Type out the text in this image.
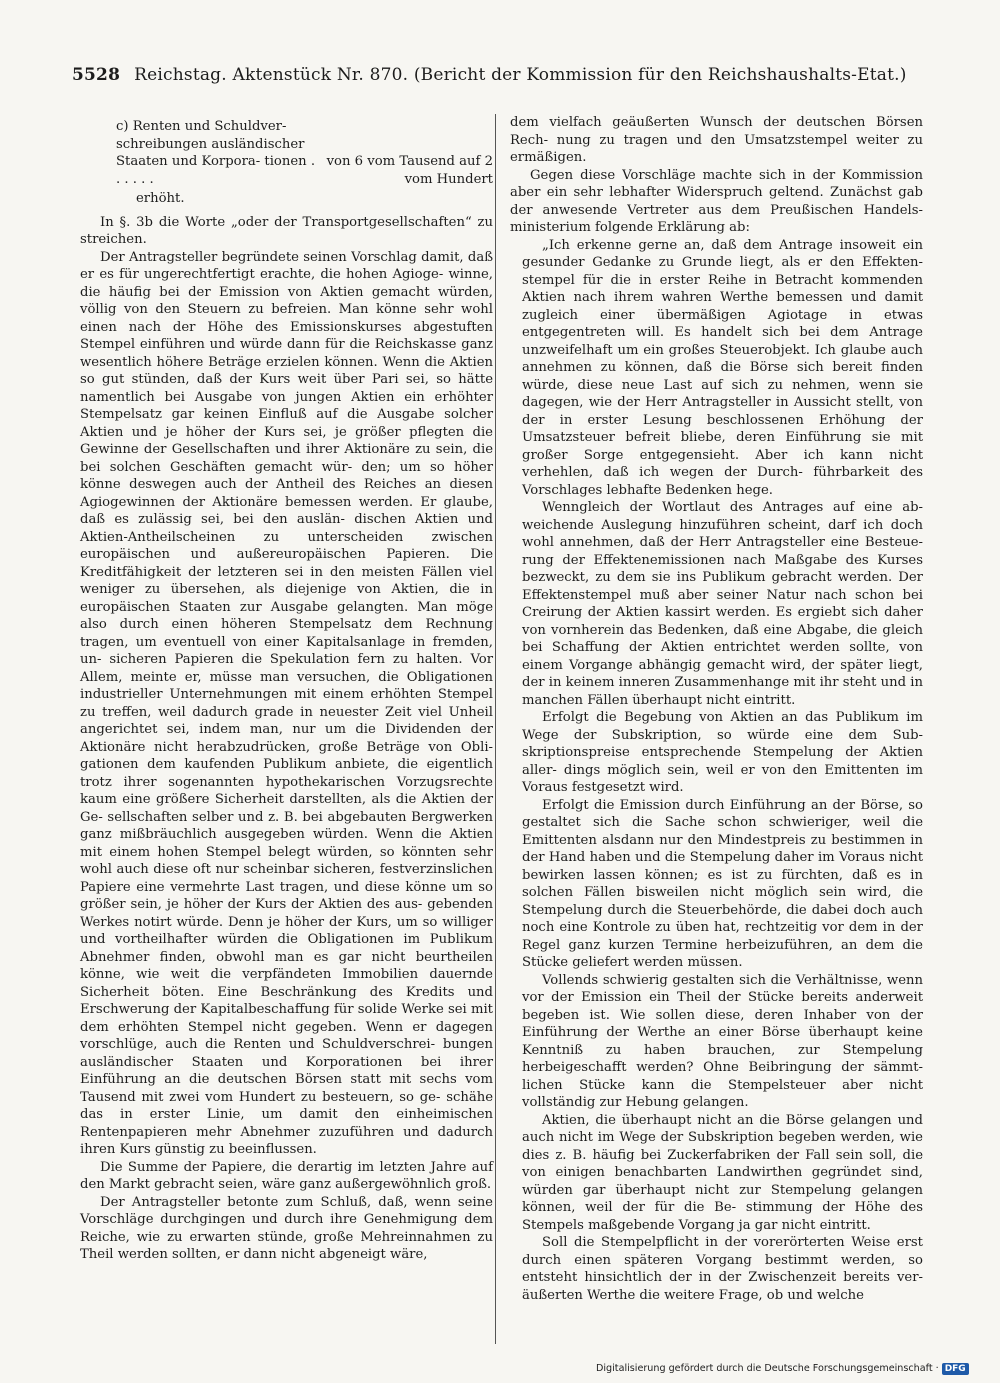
5528 Reichstag. Aktenstück Nr. 870. (Bericht der Kommission für den Reichshaushalts-Etat.)
c) Renten und Schuldver- schreibungen ausländischer Staaten und Korpora- tionen . . . . . .
von 6 vom Tausend auf 2 vom Hundert

erhöht.

In §. 3b die Worte „oder der Transportgesellschaften“ zu streichen.

Der Antragsteller begründete seinen Vorschlag damit, daß er es für ungerechtfertigt erachte, die hohen Agioge- winne, die häufig bei der Emission von Aktien gemacht würden, völlig von den Steuern zu befreien. Man könne sehr wohl einen nach der Höhe des Emissionskurses abgestuften Stempel einführen und würde dann für die Reichskasse ganz wesentlich höhere Beträge erzielen können. Wenn die Aktien so gut stünden, daß der Kurs weit über Pari sei, so hätte namentlich bei Ausgabe von jungen Aktien ein erhöhter Stempelsatz gar keinen Einfluß auf die Ausgabe solcher Aktien und je höher der Kurs sei, je größer pflegten die Gewinne der Gesellschaften und ihrer Aktionäre zu sein, die bei solchen Geschäften gemacht wür- den; um so höher könne deswegen auch der Antheil des Reiches an diesen Agiogewinnen der Aktionäre bemessen werden. Er glaube, daß es zulässig sei, bei den auslän- dischen Aktien und Aktien-Antheilscheinen zu unterscheiden zwischen europäischen und außereuropäischen Papieren. Die Kreditfähigkeit der letzteren sei in den meisten Fällen viel weniger zu übersehen, als diejenige von Aktien, die in europäischen Staaten zur Ausgabe gelangten. Man möge also durch einen höheren Stempelsatz dem Rechnung tragen, um eventuell von einer Kapitalsanlage in fremden, un- sicheren Papieren die Spekulation fern zu halten. Vor Allem, meinte er, müsse man versuchen, die Obligationen industrieller Unternehmungen mit einem erhöhten Stempel zu treffen, weil dadurch grade in neuester Zeit viel Unheil angerichtet sei, indem man, nur um die Dividenden der Aktionäre nicht herabzudrücken, große Beträge von Obli- gationen dem kaufenden Publikum anbiete, die eigentlich trotz ihrer sogenannten hypothekarischen Vorzugsrechte kaum eine größere Sicherheit darstellten, als die Aktien der Ge- sellschaften selber und z. B. bei abgebauten Bergwerken ganz mißbräuchlich ausgegeben würden. Wenn die Aktien mit einem hohen Stempel belegt würden, so könnten sehr wohl auch diese oft nur scheinbar sicheren, festverzinslichen Papiere eine vermehrte Last tragen, und diese könne um so größer sein, je höher der Kurs der Aktien des aus- gebenden Werkes notirt würde. Denn je höher der Kurs, um so williger und vortheilhafter würden die Obligationen im Publikum Abnehmer finden, obwohl man es gar nicht beurtheilen könne, wie weit die verpfändeten Immobilien dauernde Sicherheit böten. Eine Beschränkung des Kredits und Erschwerung der Kapitalbeschaffung für solide Werke sei mit dem erhöhten Stempel nicht gegeben. Wenn er dagegen vorschlüge, auch die Renten und Schuldverschrei- bungen ausländischer Staaten und Korporationen bei ihrer Einführung an die deutschen Börsen statt mit sechs vom Tausend mit zwei vom Hundert zu besteuern, so ge- schähe das in erster Linie, um damit den einheimischen Rentenpapieren mehr Abnehmer zuzuführen und dadurch ihren Kurs günstig zu beeinflussen.

Die Summe der Papiere, die derartig im letzten Jahre auf den Markt gebracht seien, wäre ganz außergewöhnlich groß.

Der Antragsteller betonte zum Schluß, daß, wenn seine Vorschläge durchgingen und durch ihre Genehmigung dem Reiche, wie zu erwarten stünde, große Mehreinnahmen zu Theil werden sollten, er dann nicht abgeneigt wäre,

dem vielfach geäußerten Wunsch der deutschen Börsen Rech- nung zu tragen und den Umsatzstempel weiter zu ermäßigen.

Gegen diese Vorschläge machte sich in der Kommission aber ein sehr lebhafter Widerspruch geltend. Zunächst gab der anwesende Vertreter aus dem Preußischen Handels- ministerium folgende Erklärung ab:

„Ich erkenne gerne an, daß dem Antrage insoweit ein gesunder Gedanke zu Grunde liegt, als er den Effekten- stempel für die in erster Reihe in Betracht kommenden Aktien nach ihrem wahren Werthe bemessen und damit zugleich einer übermäßigen Agiotage in etwas entgegentreten will. Es handelt sich bei dem Antrage unzweifelhaft um ein großes Steuerobjekt. Ich glaube auch annehmen zu können, daß die Börse sich bereit finden würde, diese neue Last auf sich zu nehmen, wenn sie dagegen, wie der Herr Antragsteller in Aussicht stellt, von der in erster Lesung beschlossenen Erhöhung der Umsatzsteuer befreit bliebe, deren Einführung sie mit großer Sorge entgegensieht. Aber ich kann nicht verhehlen, daß ich wegen der Durch- führbarkeit des Vorschlages lebhafte Bedenken hege.

Wenngleich der Wortlaut des Antrages auf eine ab- weichende Auslegung hinzuführen scheint, darf ich doch wohl annehmen, daß der Herr Antragsteller eine Besteue- rung der Effektenemissionen nach Maßgabe des Kurses bezweckt, zu dem sie ins Publikum gebracht werden. Der Effektenstempel muß aber seiner Natur nach schon bei Creirung der Aktien kassirt werden. Es ergiebt sich daher von vornherein das Bedenken, daß eine Abgabe, die gleich bei Schaffung der Aktien entrichtet werden sollte, von einem Vorgange abhängig gemacht wird, der später liegt, der in keinem inneren Zusammenhange mit ihr steht und in manchen Fällen überhaupt nicht eintritt.

Erfolgt die Begebung von Aktien an das Publikum im Wege der Subskription, so würde eine dem Sub- skriptionspreise entsprechende Stempelung der Aktien aller- dings möglich sein, weil er von den Emittenten im Voraus festgesetzt wird.

Erfolgt die Emission durch Einführung an der Börse, so gestaltet sich die Sache schon schwieriger, weil die Emittenten alsdann nur den Mindestpreis zu bestimmen in der Hand haben und die Stempelung daher im Voraus nicht bewirken lassen können; es ist zu fürchten, daß es in solchen Fällen bisweilen nicht möglich sein wird, die Stempelung durch die Steuerbehörde, die dabei doch auch noch eine Kontrole zu üben hat, rechtzeitig vor dem in der Regel ganz kurzen Termine herbeizuführen, an dem die Stücke geliefert werden müssen.

Vollends schwierig gestalten sich die Verhältnisse, wenn vor der Emission ein Theil der Stücke bereits anderweit begeben ist. Wie sollen diese, deren Inhaber von der Einführung der Werthe an einer Börse überhaupt keine Kenntniß zu haben brauchen, zur Stempelung herbeigeschafft werden? Ohne Beibringung der sämmt- lichen Stücke kann die Stempelsteuer aber nicht vollständig zur Hebung gelangen.

Aktien, die überhaupt nicht an die Börse gelangen und auch nicht im Wege der Subskription begeben werden, wie dies z. B. häufig bei Zuckerfabriken der Fall sein soll, die von einigen benachbarten Landwirthen gegründet sind, würden gar überhaupt nicht zur Stempelung gelangen können, weil der für die Be- stimmung der Höhe des Stempels maßgebende Vorgang ja gar nicht eintritt.

Soll die Stempelpflicht in der vorerörterten Weise erst durch einen späteren Vorgang bestimmt werden, so entsteht hinsichtlich der in der Zwischenzeit bereits ver- äußerten Werthe die weitere Frage, ob und welche

Digitalisierung gefördert durch die Deutsche Forschungsgemeinschaft · DFG
